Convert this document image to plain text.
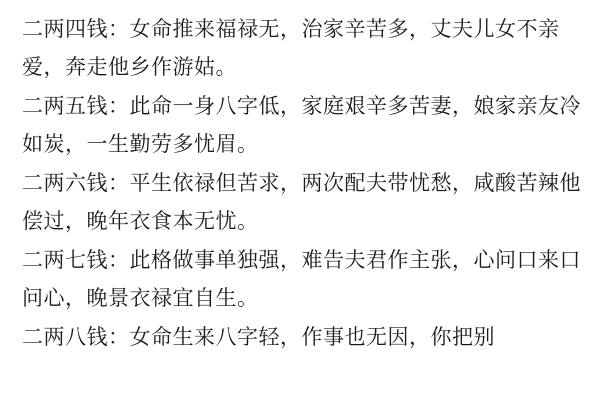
二两四钱：女命推来福禄无，治家辛苦多，丈夫儿女不亲爱，奔走他乡作游姑。

二两五钱：此命一身八字低，家庭艰辛多苦妻，娘家亲友冷如炭，一生勤劳多忧眉。

二两六钱：平生依禄但苦求，两次配夫带忧愁，咸酸苦辣他偿过，晚年衣食本无忧。

二两七钱：此格做事单独强，难告夫君作主张，心问口来口问心，晚景衣禄宜自生。

二两八钱：女命生来八字轻，作事也无因，你把别
